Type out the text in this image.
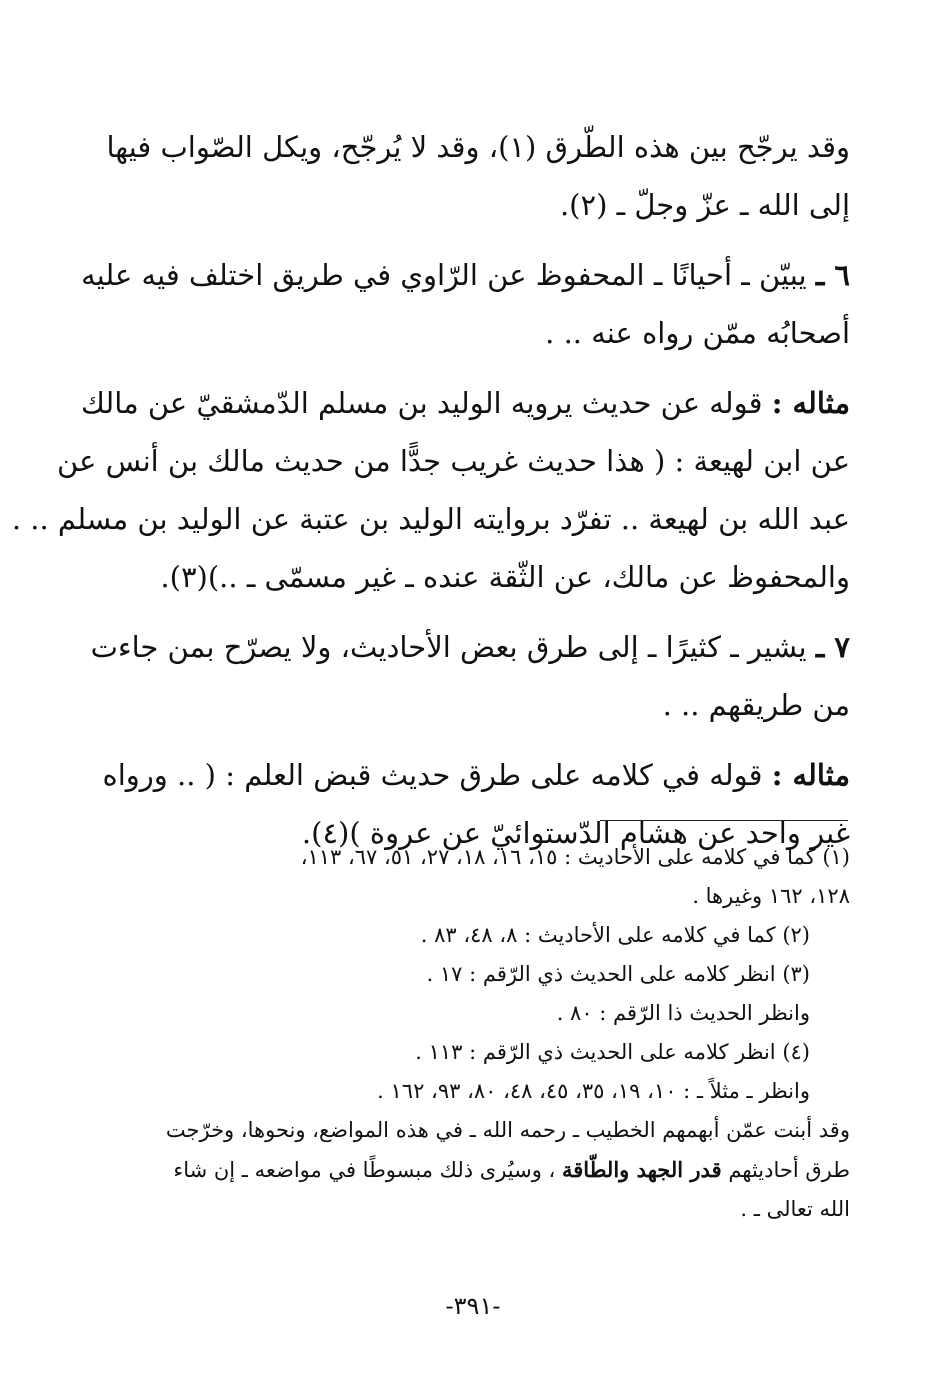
وقد يرجّح بين هذه الطّرق (١)، وقد لا يُرجّح، ويكل الصّواب فيها
إلى الله ـ عزّ وجلّ ـ (٢).

٦ ـ يبيّن ـ أحيانًا ـ المحفوظ عن الرّاوي في طريق اختلف فيه عليه
أصحابُه ممّن رواه عنه .. .

مثاله : قوله عن حديث يرويه الوليد بن مسلم الدّمشقيّ عن مالك
عن ابن لهيعة : ( هذا حديث غريب جدًّا من حديث مالك بن أنس عن
عبد الله بن لهيعة .. تفرّد بروايته الوليد بن عتبة عن الوليد بن مسلم .. .
والمحفوظ عن مالك، عن الثّقة عنده ـ غير مسمّى ـ ..)(٣).

٧ ـ يشير ـ كثيرًا ـ إلى طرق بعض الأحاديث، ولا يصرّح بمن جاءت
من طريقهم .. .

مثاله : قوله في كلامه على طرق حديث قبض العلم : ( .. ورواه
غير واحد عن هشام الدّستوائيّ عن عروة )(٤).

(١) كما في كلامه على الأحاديث : ١٥، ١٦، ١٨، ٢٧، ٥١، ٦٧، ١١٣،
١٢٨، ١٦٢ وغيرها .
(٢) كما في كلامه على الأحاديث : ٨، ٤٨، ٨٣ .
(٣) انظر كلامه على الحديث ذي الرّقم : ١٧ .
وانظر الحديث ذا الرّقم : ٨٠ .
(٤) انظر كلامه على الحديث ذي الرّقم : ١١٣ .
وانظر ـ مثلاً ـ : ١٠، ١٩، ٣٥، ٤٥، ٤٨، ٨٠، ٩٣، ١٦٢ .
وقد أبنت عمّن أبهمهم الخطيب ـ رحمه الله ـ في هذه المواضع، ونحوها، وخرّجت
طرق أحاديثهم قدر الجهد والطّاقة ، وسيُرى ذلك مبسوطًا في مواضعه ـ إن شاء
الله تعالى ـ .
-٣٩١-
